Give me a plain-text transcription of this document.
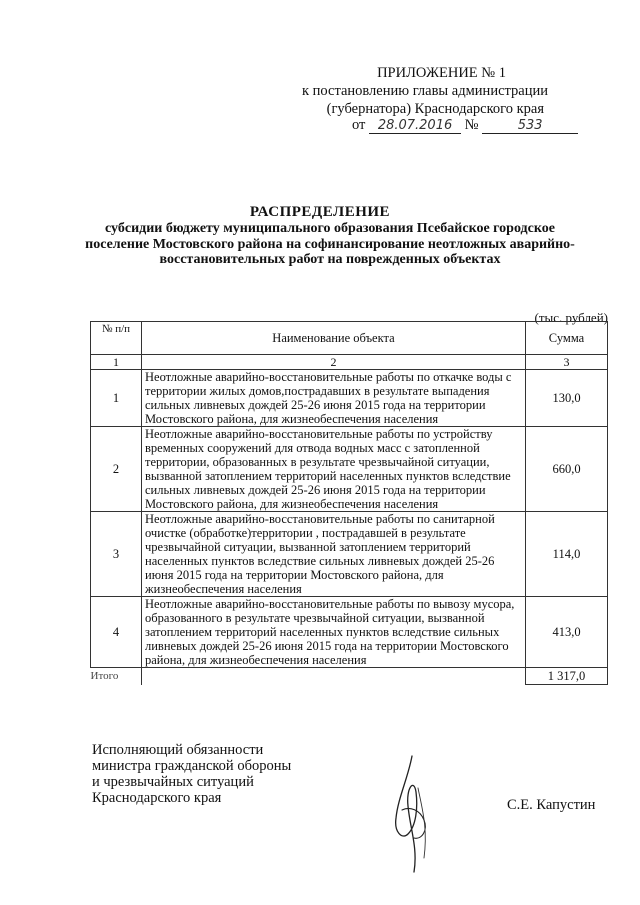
ПРИЛОЖЕНИЕ № 1
к постановлению главы администрации
(губернатора) Краснодарского края
от 28.07.2016 №	533
РАСПРЕДЕЛЕНИЕ
субсидии бюджету муниципального образования Псебайское городское поселение Мостовского района на софинансирование неотложных аварийно-восстановительных работ на поврежденных объектах
(тыс. рублей)
№ п/п	Наименование объекта	Сумма
1	2	3
1	Неотложные аварийно-восстановительные работы по откачке воды с территории жилых домов,пострадавших в результате выпадения сильных ливневых дождей 25-26 июня 2015 года на территории Мостовского района, для жизнеобеспечения населения	130,0
2	Неотложные аварийно-восстановительные работы по устройству временных сооружений для отвода водных масс с затопленной территории, образованных в результате чрезвычайной ситуации, вызванной затоплением территорий населенных пунктов вследствие сильных ливневых дождей 25-26 июня 2015 года на территории Мостовского района, для жизнеобеспечения населения	660,0
3	Неотложные аварийно-восстановительные работы по санитарной очистке (обработке)территории , пострадавшей в результате чрезвычайной ситуации, вызванной затоплением территорий населенных пунктов вследствие сильных ливневых дождей 25-26 июня 2015 года на территории Мостовского района, для жизнеобеспечения населения	114,0
4	Неотложные аварийно-восстановительные работы по вывозу мусора, образованного в результате чрезвычайной ситуации, вызванной затоплением территорий населенных пунктов вследствие сильных ливневых дождей 25-26 июня 2015 года на территории Мостовского района, для жизнеобеспечения населения	413,0
Итого		1 317,0
Исполняющий обязанности
министра гражданской обороны
и чрезвычайных ситуаций
Краснодарского края	С.Е. Капустин
